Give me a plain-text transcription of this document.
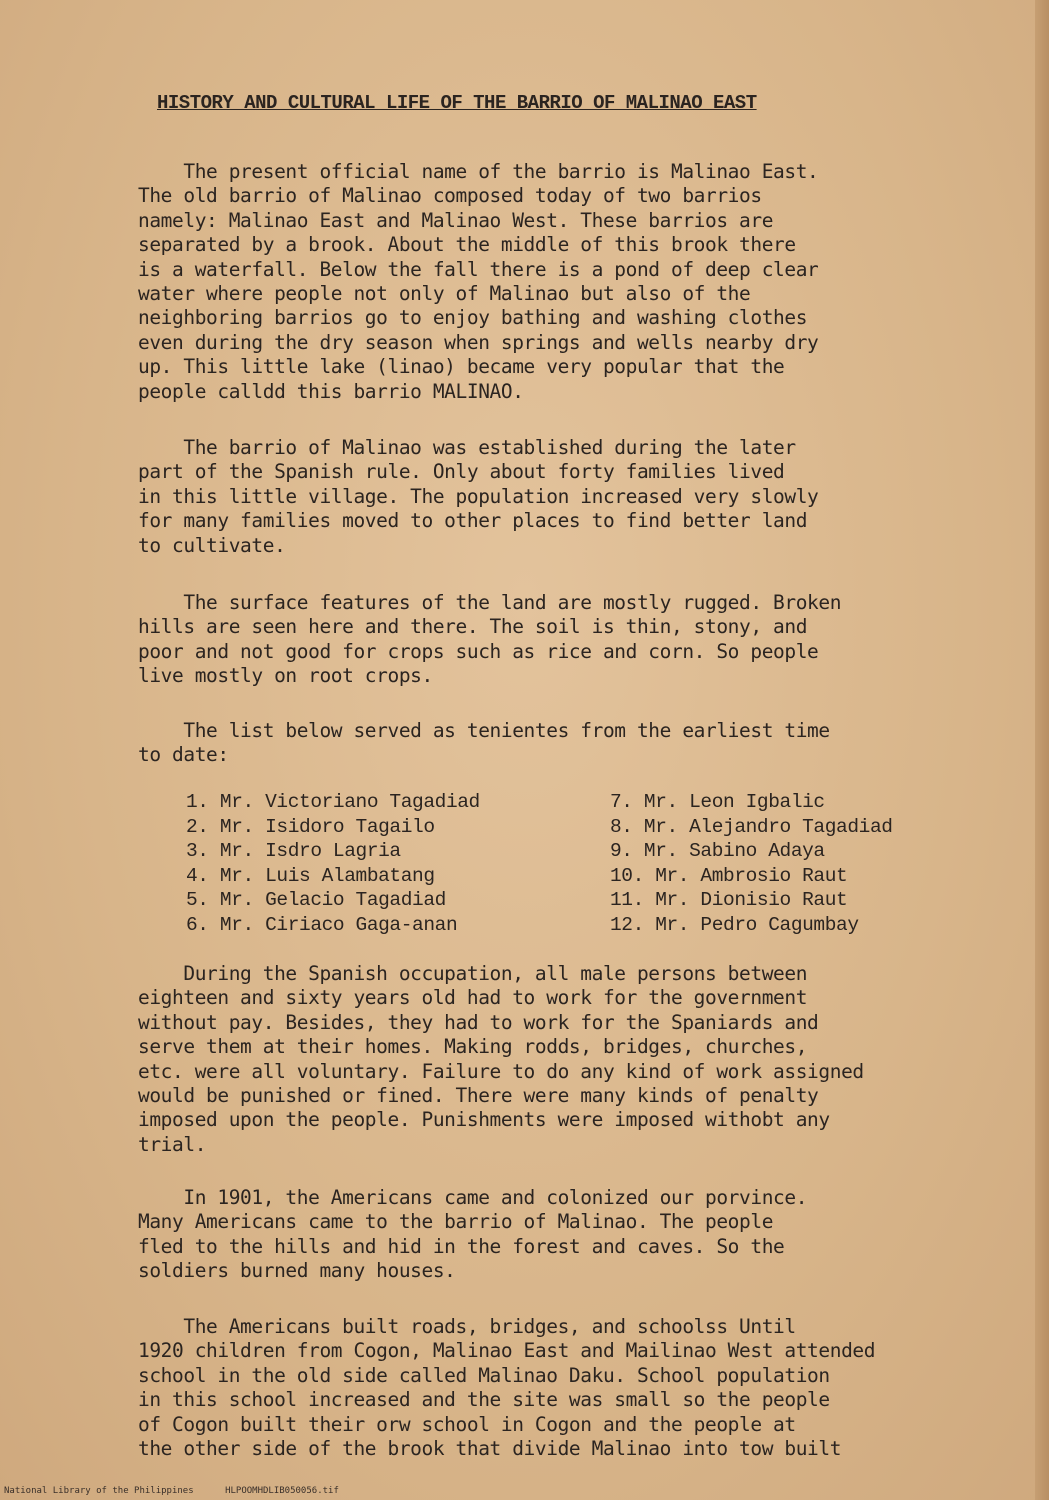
HISTORY AND CULTURAL LIFE OF THE BARRIO OF MALINAO EAST
The present official name of the barrio is Malinao East.
The old barrio of Malinao composed today of two barrios
namely: Malinao East and Malinao West. These barrios are
separated by a brook. About the middle of this brook there
is a waterfall. Below the fall there is a pond of deep clear
water where people not only of Malinao but also of the
neighboring barrios go to enjoy bathing and washing clothes
even during the dry season when springs and wells nearby dry
up. This little lake (linao) became very popular that the
people calldd this barrio MALINAO.
The barrio of Malinao was established during the later
part of the Spanish rule. Only about forty families lived
in this little village. The population increased very slowly
for many families moved to other places to find better land
to cultivate.
The surface features of the land are mostly rugged. Broken
hills are seen here and there. The soil is thin, stony, and
poor and not good for crops such as rice and corn. So people
live mostly on root crops.
The list below served as tenientes from the earliest time
to date:
1. Mr. Victoriano Tagadiad
2. Mr. Isidoro Tagailo
3. Mr. Isdro Lagria
4. Mr. Luis Alambatang
5. Mr. Gelacio Tagadiad
6. Mr. Ciriaco Gaga-anan
7. Mr. Leon Igbalic
8. Mr. Alejandro Tagadiad
9. Mr. Sabino Adaya
10. Mr. Ambrosio Raut
11. Mr. Dionisio Raut
12. Mr. Pedro Cagumbay
During the Spanish occupation, all male persons between
eighteen and sixty years old had to work for the government
without pay. Besides, they had to work for the Spaniards and
serve them at their homes. Making rodds, bridges, churches,
etc. were all voluntary. Failure to do any kind of work assigned
would be punished or fined. There were many kinds of penalty
imposed upon the people. Punishments were imposed withobt any
trial.
In 1901, the Americans came and colonized our porvince.
Many Americans came to the barrio of Malinao. The people
fled to the hills and hid in the forest and caves. So the
soldiers burned many houses.
The Americans built roads, bridges, and schoolss Until
1920 children from Cogon, Malinao East and Mailinao West attended
school in the old side called Malinao Daku. School population
in this school increased and the site was small so the people
of Cogon built their orw school in Cogon and the people at
the other side of the brook that divide Malinao into tow built
National Library of the Philippines	HLPOOMHDLIB050056.tif
